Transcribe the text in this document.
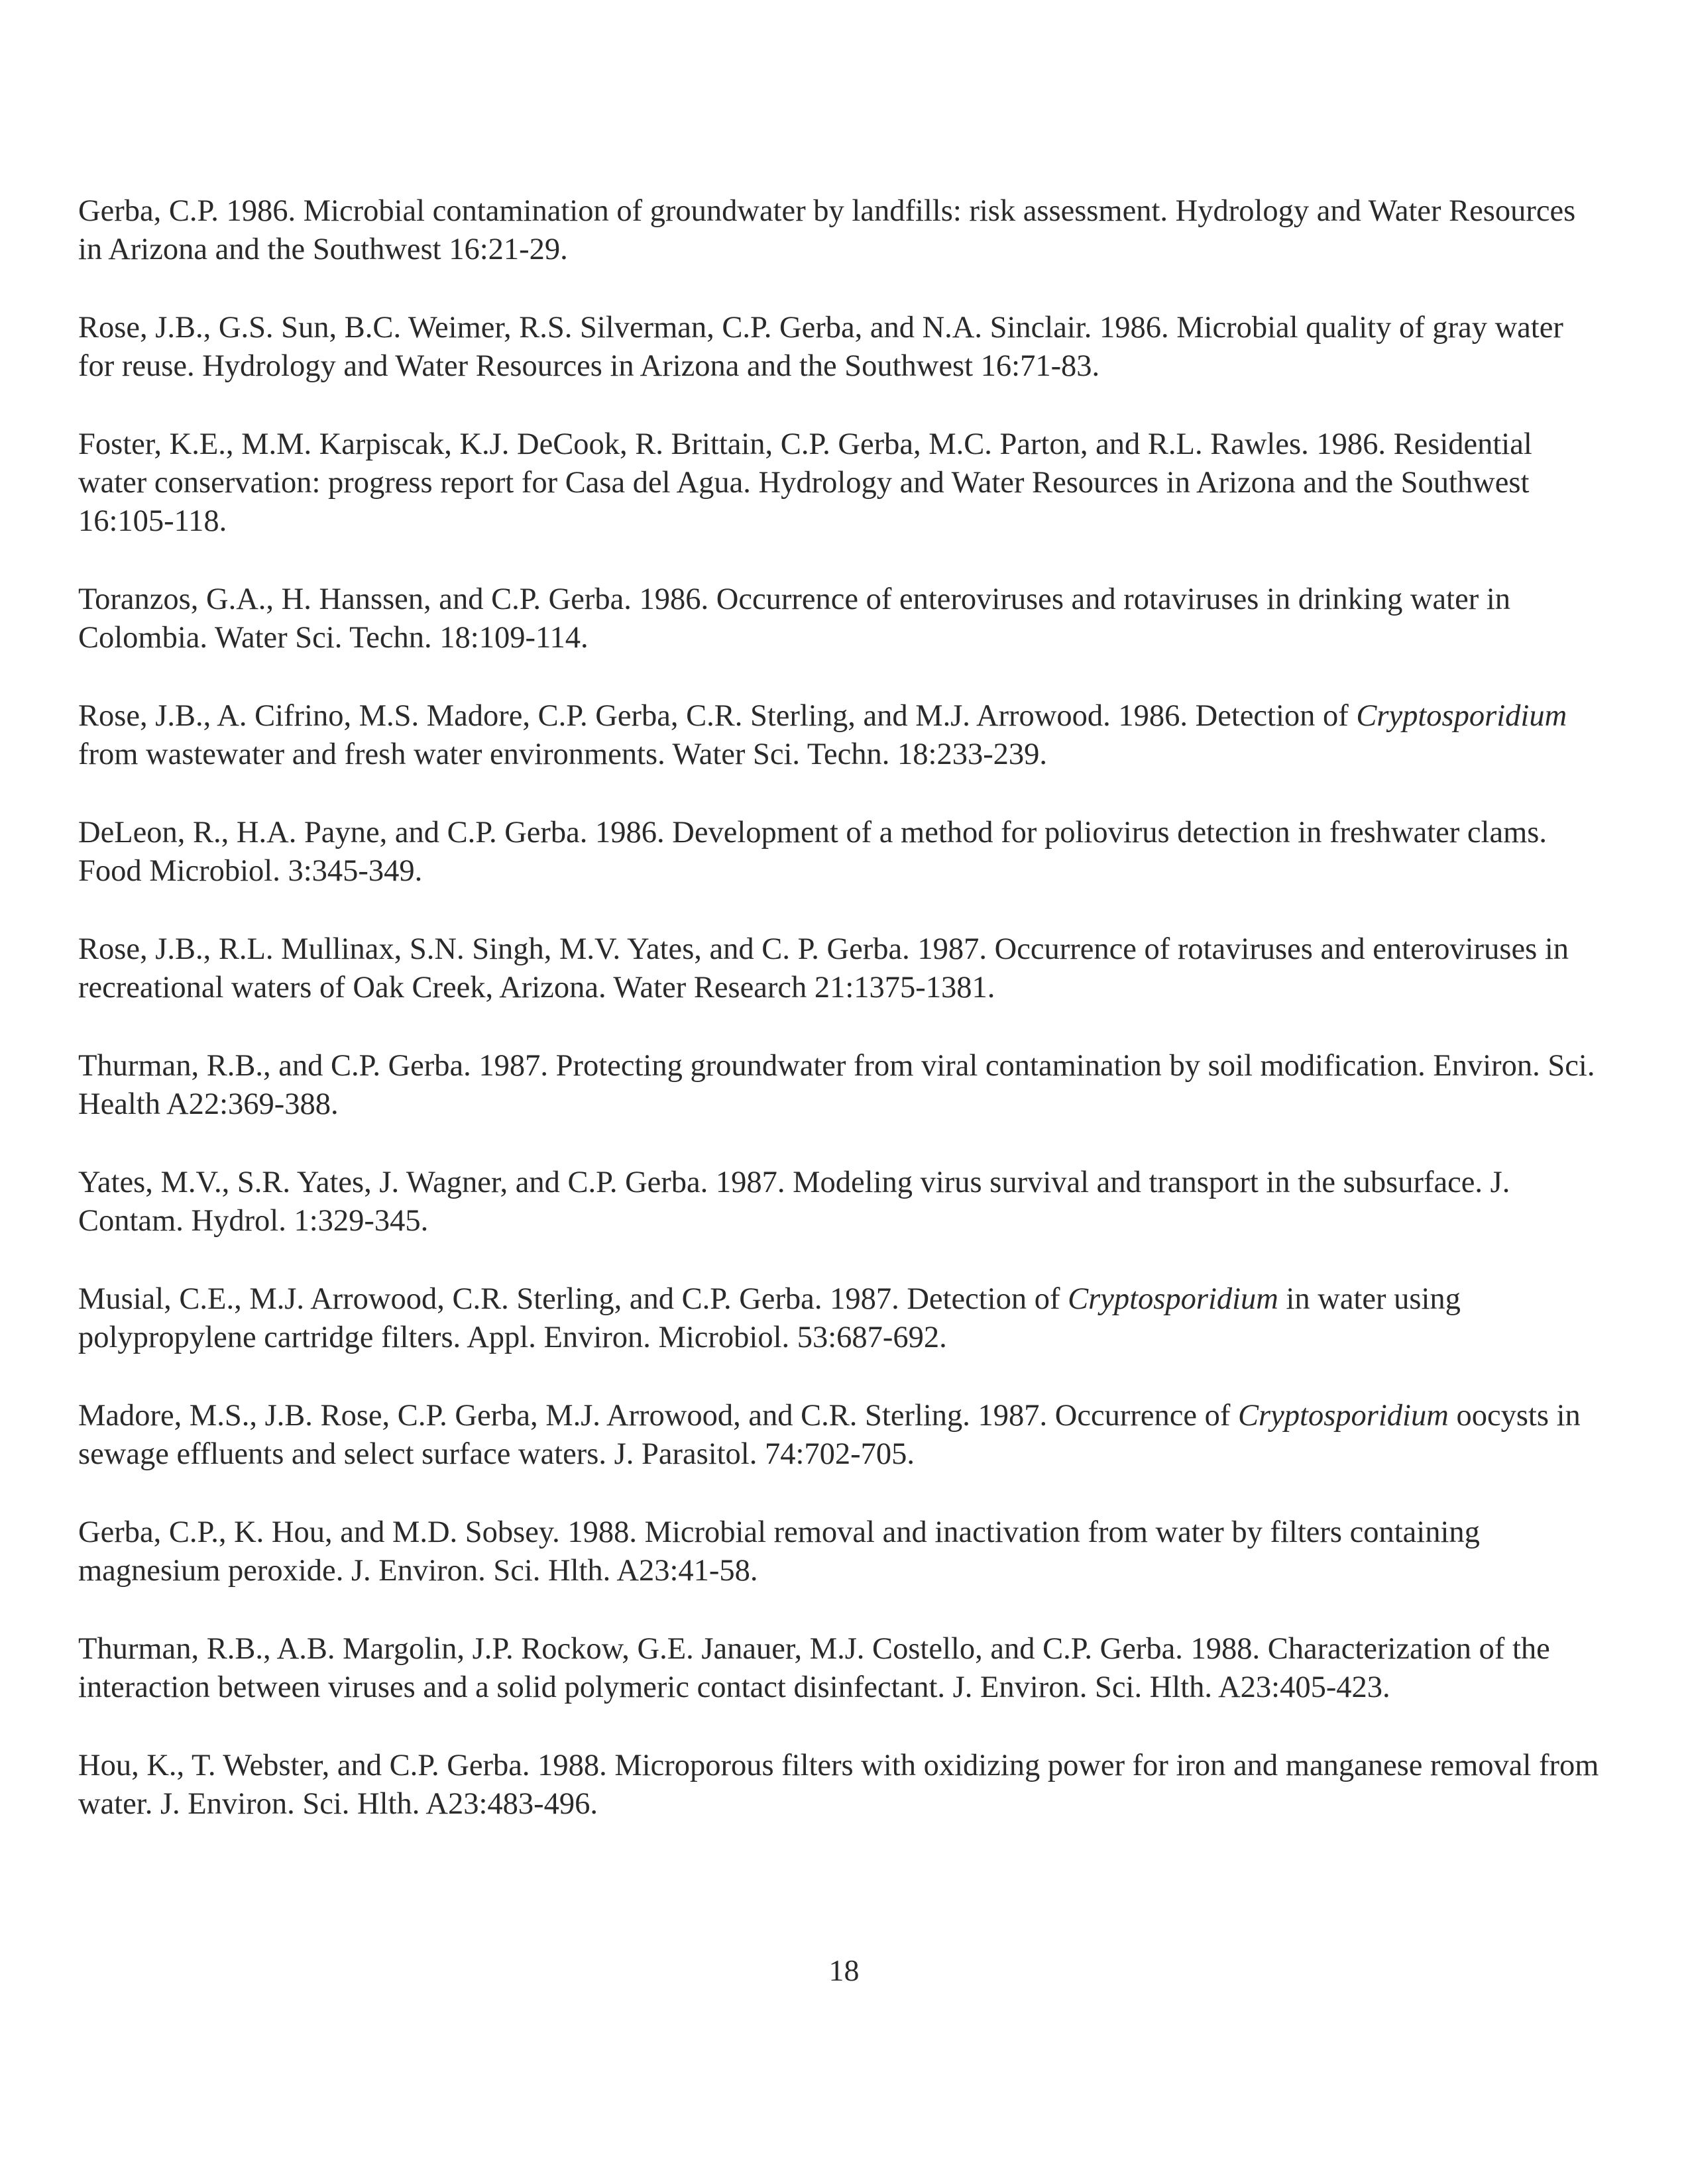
Gerba, C.P. 1986. Microbial contamination of groundwater by landfills: risk assessment. Hydrology and Water Resources in Arizona and the Southwest 16:21-29.

Rose, J.B., G.S. Sun, B.C. Weimer, R.S. Silverman, C.P. Gerba, and N.A. Sinclair. 1986. Microbial quality of gray water for reuse. Hydrology and Water Resources in Arizona and the Southwest 16:71-83.

Foster, K.E., M.M. Karpiscak, K.J. DeCook, R. Brittain, C.P. Gerba, M.C. Parton, and R.L. Rawles. 1986. Residential water conservation: progress report for Casa del Agua. Hydrology and Water Resources in Arizona and the Southwest 16:105-118.

Toranzos, G.A., H. Hanssen, and C.P. Gerba. 1986. Occurrence of enteroviruses and rotaviruses in drinking water in Colombia. Water Sci. Techn. 18:109-114.

Rose, J.B., A. Cifrino, M.S. Madore, C.P. Gerba, C.R. Sterling, and M.J. Arrowood. 1986. Detection of Cryptosporidium from wastewater and fresh water environments. Water Sci. Techn. 18:233-239.

DeLeon, R., H.A. Payne, and C.P. Gerba. 1986. Development of a method for poliovirus detection in freshwater clams. Food Microbiol. 3:345-349.

Rose, J.B., R.L. Mullinax, S.N. Singh, M.V. Yates, and C. P. Gerba. 1987. Occurrence of rotaviruses and enteroviruses in recreational waters of Oak Creek, Arizona. Water Research 21:1375-1381.

Thurman, R.B., and C.P. Gerba. 1987. Protecting groundwater from viral contamination by soil modification. Environ. Sci. Health A22:369-388.

Yates, M.V., S.R. Yates, J. Wagner, and C.P. Gerba. 1987. Modeling virus survival and transport in the subsurface. J. Contam. Hydrol. 1:329-345.

Musial, C.E., M.J. Arrowood, C.R. Sterling, and C.P. Gerba. 1987. Detection of Cryptosporidium in water using polypropylene cartridge filters. Appl. Environ. Microbiol. 53:687-692.

Madore, M.S., J.B. Rose, C.P. Gerba, M.J. Arrowood, and C.R. Sterling. 1987. Occurrence of Cryptosporidium oocysts in sewage effluents and select surface waters. J. Parasitol. 74:702-705.

Gerba, C.P., K. Hou, and M.D. Sobsey. 1988. Microbial removal and inactivation from water by filters containing magnesium peroxide. J. Environ. Sci. Hlth. A23:41-58.

Thurman, R.B., A.B. Margolin, J.P. Rockow, G.E. Janauer, M.J. Costello, and C.P. Gerba. 1988. Characterization of the interaction between viruses and a solid polymeric contact disinfectant. J. Environ. Sci. Hlth. A23:405-423.

Hou, K., T. Webster, and C.P. Gerba. 1988. Microporous filters with oxidizing power for iron and manganese removal from water. J. Environ. Sci. Hlth. A23:483-496.

18
